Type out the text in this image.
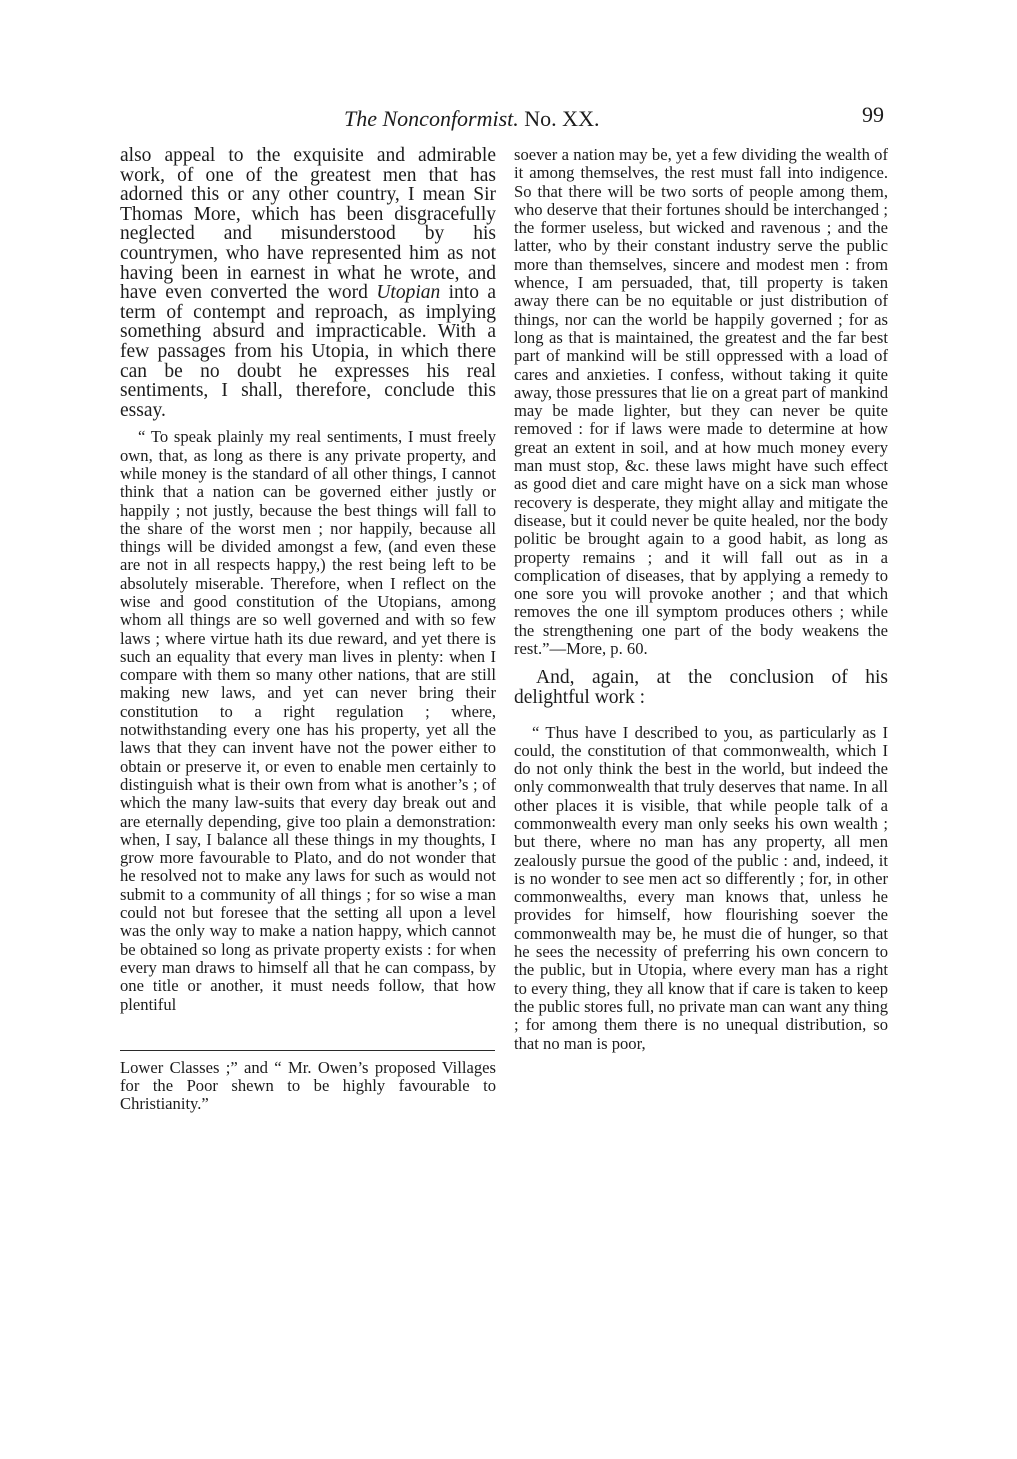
The Nonconformist. No. XX.	99

also appeal to the exquisite and admirable work, of one of the greatest men that has adorned this or any other country, I mean Sir Thomas More, which has been disgracefully neglected and misunderstood by his countrymen, who have represented him as not having been in earnest in what he wrote, and have even converted the word Utopian into a term of contempt and reproach, as implying something absurd and impracticable. With a few passages from his Utopia, in which there can be no doubt he expresses his real sentiments, I shall, therefore, conclude this essay.

“ To speak plainly my real sentiments, I must freely own, that, as long as there is any private property, and while money is the standard of all other things, I cannot think that a nation can be governed either justly or happily ; not justly, because the best things will fall to the share of the worst men ; nor happily, because all things will be divided amongst a few, (and even these are not in all respects happy,) the rest being left to be absolutely miserable. Therefore, when I reflect on the wise and good constitution of the Utopians, among whom all things are so well governed and with so few laws ; where virtue hath its due reward, and yet there is such an equality that every man lives in plenty: when I compare with them so many other nations, that are still making new laws, and yet can never bring their constitution to a right regulation ; where, notwithstanding every one has his property, yet all the laws that they can invent have not the power either to obtain or preserve it, or even to enable men certainly to distinguish what is their own from what is another’s ; of which the many law-suits that every day break out and are eternally depending, give too plain a demonstration: when, I say, I balance all these things in my thoughts, I grow more favourable to Plato, and do not wonder that he resolved not to make any laws for such as would not submit to a community of all things ; for so wise a man could not but foresee that the setting all upon a level was the only way to make a nation happy, which cannot be obtained so long as private property exists : for when every man draws to himself all that he can compass, by one title or another, it must needs follow, that how plentiful

Lower Classes ;” and “ Mr. Owen’s proposed Villages for the Poor shewn to be highly favourable to Christianity.”

soever a nation may be, yet a few dividing the wealth of it among themselves, the rest must fall into indigence. So that there will be two sorts of people among them, who deserve that their fortunes should be interchanged ; the former useless, but wicked and ravenous ; and the latter, who by their constant industry serve the public more than themselves, sincere and modest men : from whence, I am persuaded, that, till property is taken away there can be no equitable or just distribution of things, nor can the world be happily governed ; for as long as that is maintained, the greatest and the far best part of mankind will be still oppressed with a load of cares and anxieties. I confess, without taking it quite away, those pressures that lie on a great part of mankind may be made lighter, but they can never be quite removed : for if laws were made to determine at how great an extent in soil, and at how much money every man must stop, &c. these laws might have such effect as good diet and care might have on a sick man whose recovery is desperate, they might allay and mitigate the disease, but it could never be quite healed, nor the body politic be brought again to a good habit, as long as property remains ; and it will fall out as in a complication of diseases, that by applying a remedy to one sore you will provoke another ; and that which removes the one ill symptom produces others ; while the strengthening one part of the body weakens the rest.”—More, p. 60.

And, again, at the conclusion of his delightful work :

“ Thus have I described to you, as particularly as I could, the constitution of that commonwealth, which I do not only think the best in the world, but indeed the only commonwealth that truly deserves that name. In all other places it is visible, that while people talk of a commonwealth every man only seeks his own wealth ; but there, where no man has any property, all men zealously pursue the good of the public : and, indeed, it is no wonder to see men act so differently ; for, in other commonwealths, every man knows that, unless he provides for himself, how flourishing soever the commonwealth may be, he must die of hunger, so that he sees the necessity of preferring his own concern to the public, but in Utopia, where every man has a right to every thing, they all know that if care is taken to keep the public stores full, no private man can want any thing ; for among them there is no unequal distribution, so that no man is poor,
